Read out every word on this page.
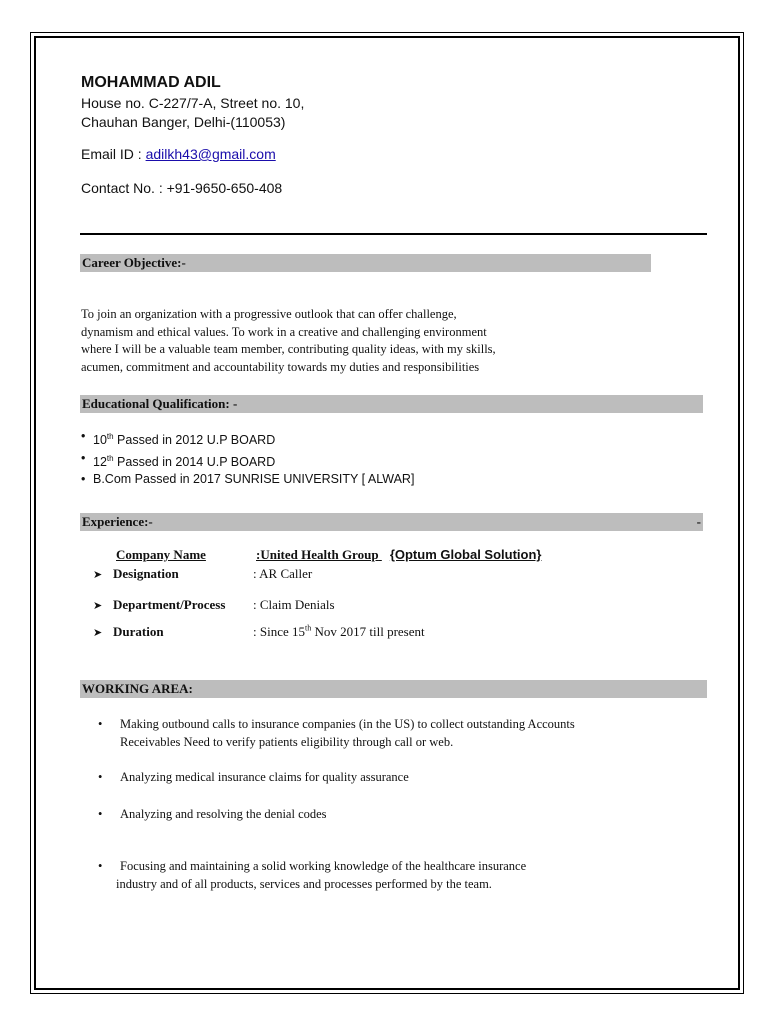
MOHAMMAD ADIL
House no. C-227/7-A, Street no. 10,
Chauhan Banger, Delhi-(110053)
Email ID : adilkh43@gmail.com
Contact No. : +91-9650-650-408
Career Objective:-
To join an organization with a progressive outlook that can offer challenge,
dynamism and ethical values. To work in a creative and challenging environment
where I will be a valuable team member, contributing quality ideas, with my skills,
acumen, commitment and accountability towards my duties and responsibilities
Educational Qualification: -
• 10th Passed in 2012 U.P BOARD
• 12th Passed in 2014 U.P BOARD
• B.Com Passed in 2017 SUNRISE UNIVERSITY [ ALWAR]
Experience:-	-
Company Name	:United Health Group {Optum Global Solution}
➤ Designation	: AR Caller
➤ Department/Process : Claim Denials
➤ Duration	: Since 15th Nov 2017 till present
WORKING AREA:
• Making outbound calls to insurance companies (in the US) to collect outstanding Accounts
Receivables Need to verify patients eligibility through call or web.
• Analyzing medical insurance claims for quality assurance
• Analyzing and resolving the denial codes
• Focusing and maintaining a solid working knowledge of the healthcare insurance
industry and of all products, services and processes performed by the team.
